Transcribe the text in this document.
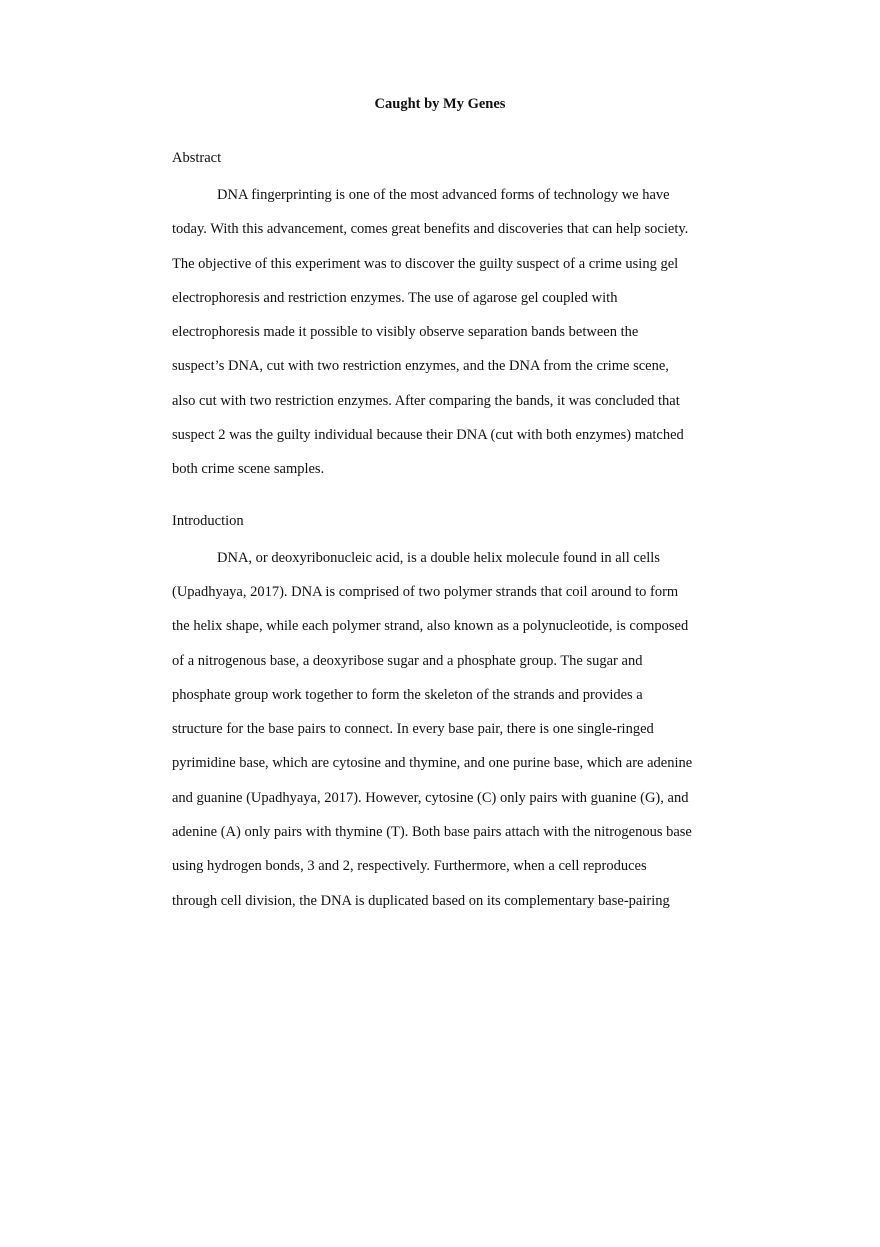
Caught by My Genes
Abstract
DNA fingerprinting is one of the most advanced forms of technology we have
today. With this advancement, comes great benefits and discoveries that can help society.
The objective of this experiment was to discover the guilty suspect of a crime using gel
electrophoresis and restriction enzymes. The use of agarose gel coupled with
electrophoresis made it possible to visibly observe separation bands between the
suspect’s DNA, cut with two restriction enzymes, and the DNA from the crime scene,
also cut with two restriction enzymes. After comparing the bands, it was concluded that
suspect 2 was the guilty individual because their DNA (cut with both enzymes) matched
both crime scene samples.
Introduction
DNA, or deoxyribonucleic acid, is a double helix molecule found in all cells
(Upadhyaya, 2017). DNA is comprised of two polymer strands that coil around to form
the helix shape, while each polymer strand, also known as a polynucleotide, is composed
of a nitrogenous base, a deoxyribose sugar and a phosphate group. The sugar and
phosphate group work together to form the skeleton of the strands and provides a
structure for the base pairs to connect. In every base pair, there is one single-ringed
pyrimidine base, which are cytosine and thymine, and one purine base, which are adenine
and guanine (Upadhyaya, 2017). However, cytosine (C) only pairs with guanine (G), and
adenine (A) only pairs with thymine (T). Both base pairs attach with the nitrogenous base
using hydrogen bonds, 3 and 2, respectively. Furthermore, when a cell reproduces
through cell division, the DNA is duplicated based on its complementary base-pairing
